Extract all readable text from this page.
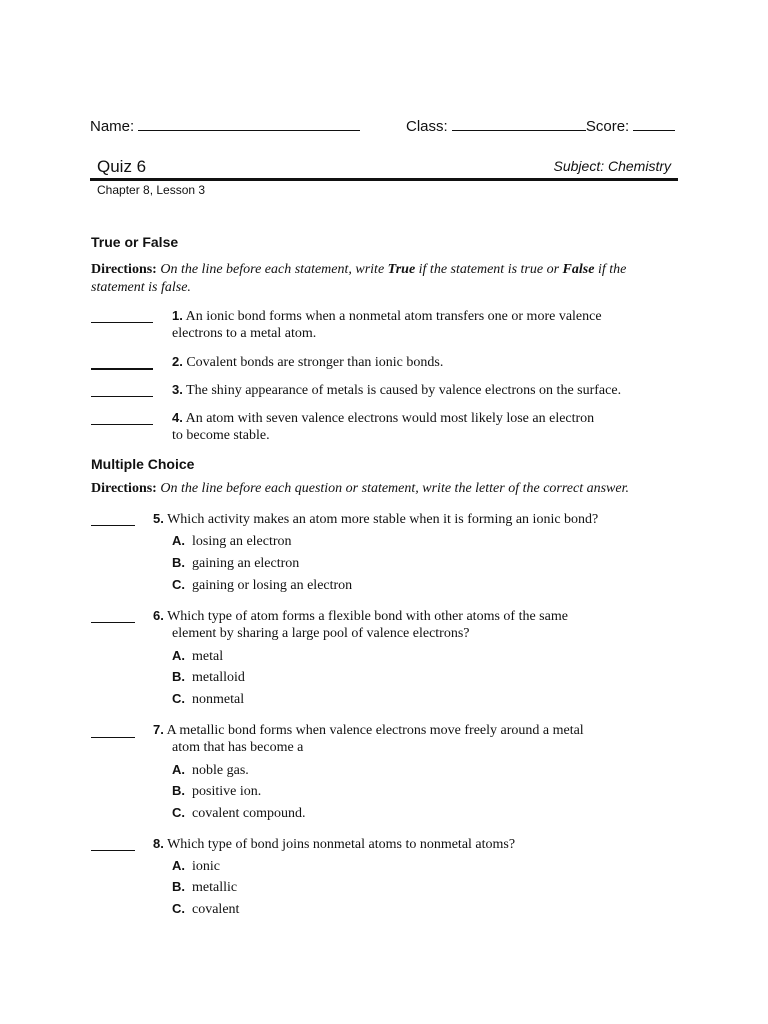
Name:	Class:	Score:
Quiz 6	Subject: Chemistry
Chapter 8, Lesson 3
True or False
Directions: On the line before each statement, write True if the statement is true or False if the statement is false.
1. An ionic bond forms when a nonmetal atom transfers one or more valence
electrons to a metal atom.
2. Covalent bonds are stronger than ionic bonds.
3. The shiny appearance of metals is caused by valence electrons on the surface.
4. An atom with seven valence electrons would most likely lose an electron
to become stable.
Multiple Choice
Directions: On the line before each question or statement, write the letter of the correct answer.
5. Which activity makes an atom more stable when it is forming an ionic bond?
A. losing an electron
B. gaining an electron
C. gaining or losing an electron
6. Which type of atom forms a flexible bond with other atoms of the same
element by sharing a large pool of valence electrons?
A. metal
B. metalloid
C. nonmetal
7. A metallic bond forms when valence electrons move freely around a metal
atom that has become a
A. noble gas.
B. positive ion.
C. covalent compound.
8. Which type of bond joins nonmetal atoms to nonmetal atoms?
A. ionic
B. metallic
C. covalent
